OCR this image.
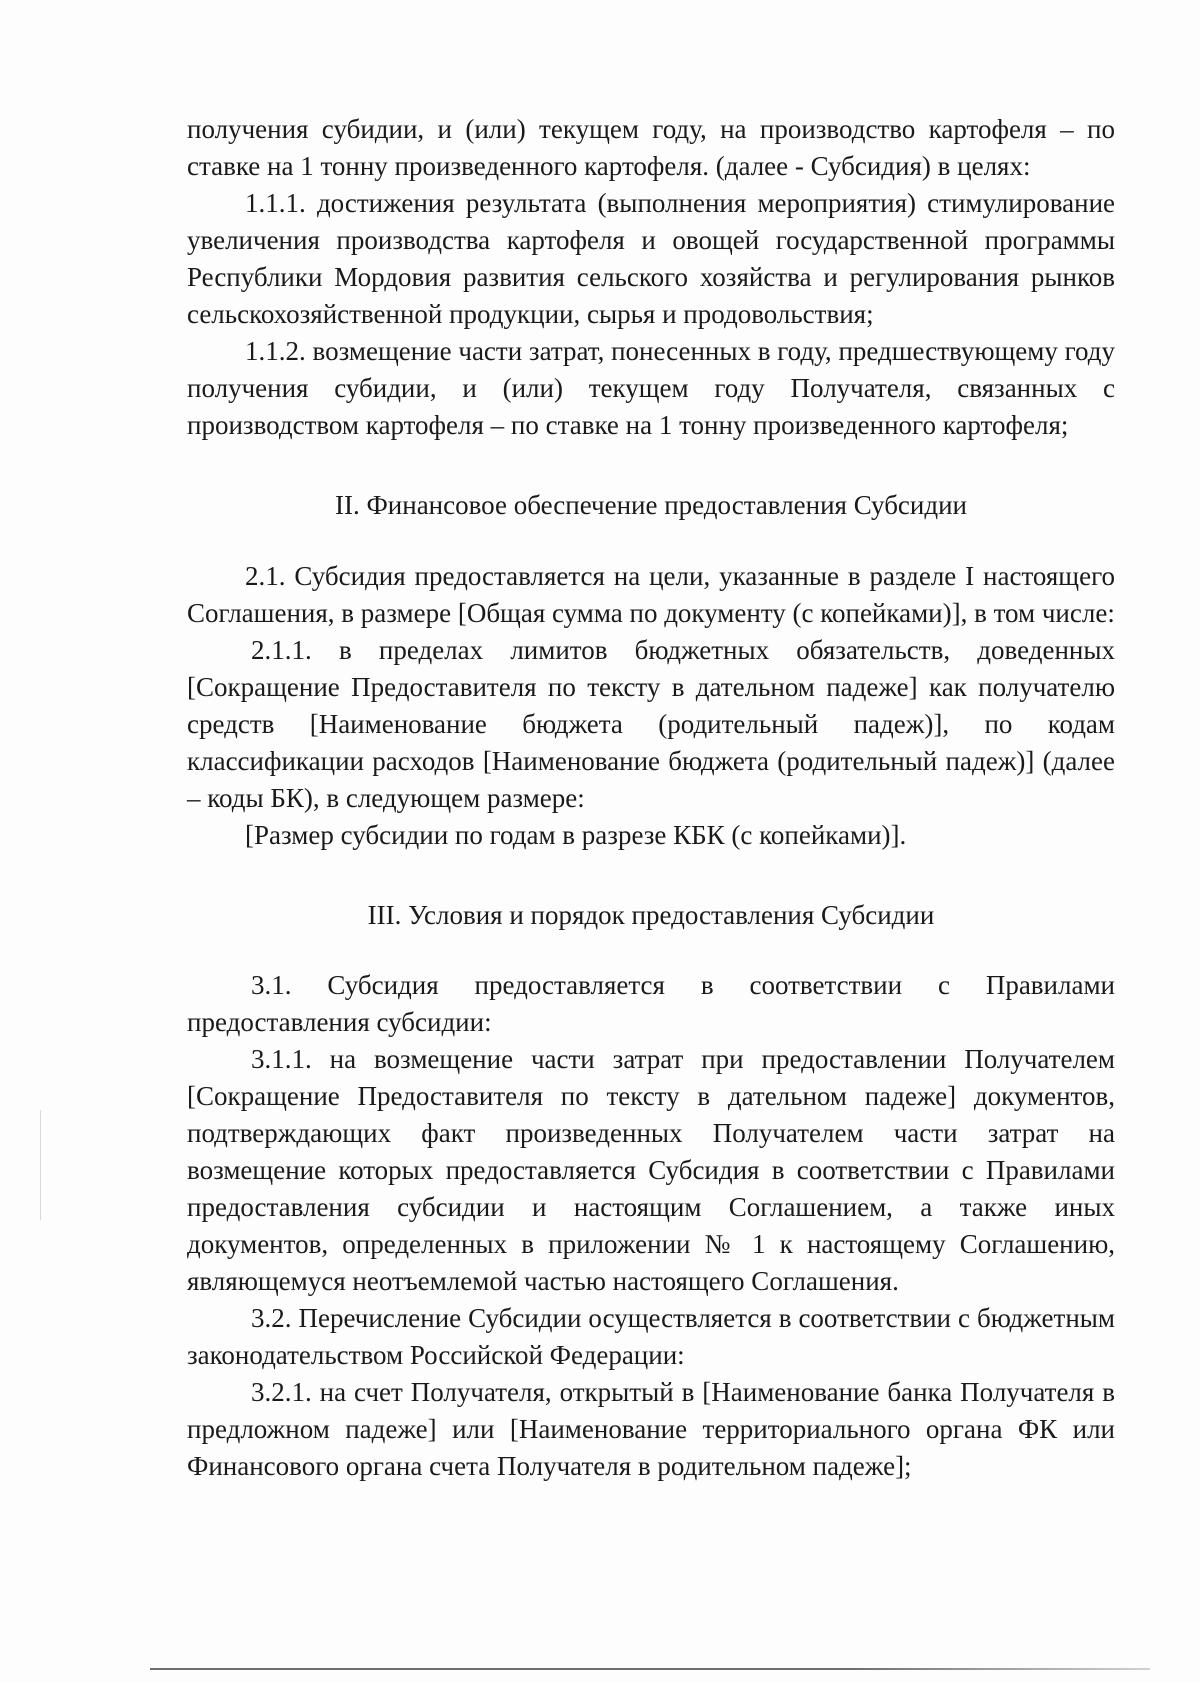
получения субидии, и (или) текущем году, на производство картофеля – по ставке на 1 тонну произведенного картофеля. (далее - Субсидия) в целях:

1.1.1. достижения результата (выполнения мероприятия) стимулирование увеличения производства картофеля и овощей государственной программы Республики Мордовия развития сельского хозяйства и регулирования рынков сельскохозяйственной продукции, сырья и продовольствия;

1.1.2. возмещение части затрат, понесенных в году, предшествующему году получения субидии, и (или) текущем году Получателя, связанных с производством картофеля – по ставке на 1 тонну произведенного картофеля;

II. Финансовое обеспечение предоставления Субсидии

2.1. Субсидия предоставляется на цели, указанные в разделе I настоящего Соглашения, в размере [Общая сумма по документу (с копейками)], в том числе:

2.1.1. в пределах лимитов бюджетных обязательств, доведенных [Сокращение Предоставителя по тексту в дательном падеже] как получателю средств [Наименование бюджета (родительный падеж)], по кодам классификации расходов [Наименование бюджета (родительный падеж)] (далее – коды БК), в следующем размере:

[Размер субсидии по годам в разрезе КБК (с копейками)].

III. Условия и порядок предоставления Субсидии

3.1. Субсидия предоставляется в соответствии с Правилами предоставления субсидии:

3.1.1. на возмещение части затрат при предоставлении Получателем [Сокращение Предоставителя по тексту в дательном падеже] документов, подтверждающих факт произведенных Получателем части затрат на возмещение которых предоставляется Субсидия в соответствии с Правилами предоставления субсидии и настоящим Соглашением, а также иных документов, определенных в приложении № 1 к настоящему Соглашению, являющемуся неотъемлемой частью настоящего Соглашения.

3.2. Перечисление Субсидии осуществляется в соответствии с бюджетным законодательством Российской Федерации:

3.2.1. на счет Получателя, открытый в [Наименование банка Получателя в предложном падеже] или [Наименование территориального органа ФК или Финансового органа счета Получателя в родительном падеже];
